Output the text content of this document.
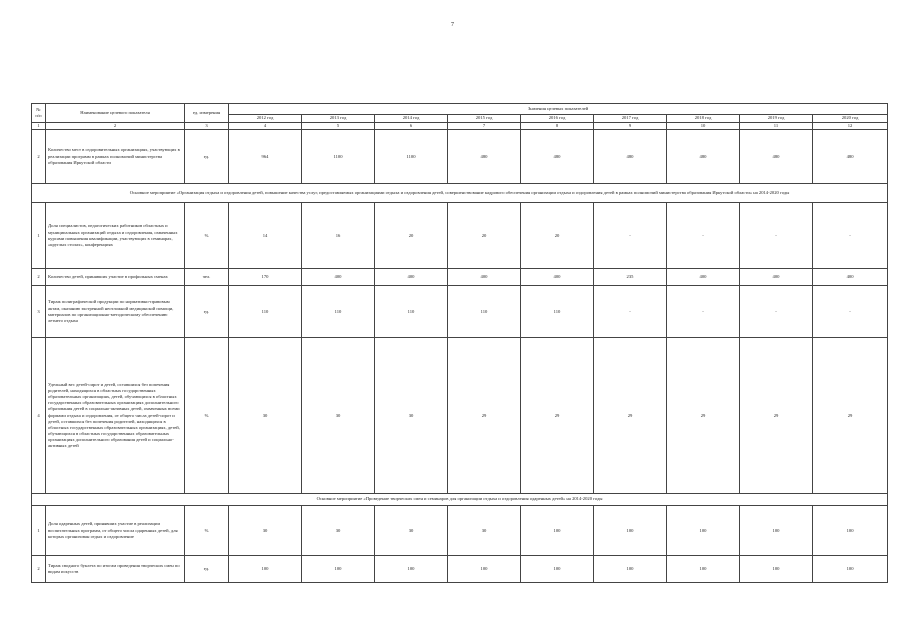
7
№ п/п	Наименование целевого показателя	ед. измерения	Значения целевых показателей								
			2012 год	2013 год	2014 год	2015 год	2016 год	2017 год	2018 год	2019 год	2020 год
1	2	3	4	5	6	7	8	9	10	11	12
2	Количество мест в оздоровительных организациях, участвующих в реализации программ в рамках полномочий министерства образования Иркутской области	ед.	964	1100	1100	480	480	480	480	480	480
Основное мероприятие «Организация отдыха и оздоровления детей, повышение качества услуг, предоставляемых организациями отдыха и оздоровления детей, совершенствование кадрового обеспечения организации отдыха и оздоровления детей в рамках полномочий министерства образования Иркутской области» на 2014-2020 годы											
1	Доля специалистов, педагогических работников областных и муниципальных организаций отдыха и оздоровления, охваченных курсами повышения квалификации, участвующих в семинарах, «круглых столах», конференциях	%	14	16	20	20	20	-	-	-	-
2	Количество детей, принявших участие в профильных сменах	чел.	170	400	400	400	400	235	400	400	400
3	Тираж полиграфической продукции по нормативно-правовым актам, оказанию экстренной неотложной медицинской помощи, материалов по организационно-методическому обеспечению летнего отдыха	ед.	110	110	110	110	110	-	-	-	-
4	Удельный вес детей-сирот и детей, оставшихся без попечения родителей, находящихся в областных государственных образовательных организациях, детей, обучающихся в областных государственных образовательных организациях дополнительного образования детей в социально-активных детей, охваченных всеми формами отдыха и оздоровления, от общего числа детей-сирот и детей, оставшихся без попечения родителей, находящихся в областных государственных образовательных организациях, детей, обучающихся в областных государственных образовательных организациях дополнительного образования детей и социально-активных детей	%	30	30	30	29	29	29	29	29	29
Основное мероприятие «Проведение творческих смен и семинаров для организации отдыха и оздоровления одаренных детей» на 2014-2020 годы											
1	Доля одаренных детей, принявших участие в реализации воспитательных программ, от общего числа одаренных детей, для которых организован отдых и оздоровление	%	30	30	30	30	100	100	100	100	100
2	Тираж сводного буклета по итогам проведения творческих смен по видам искусств	ед.	100	100	100	100	100	100	100	100	100
